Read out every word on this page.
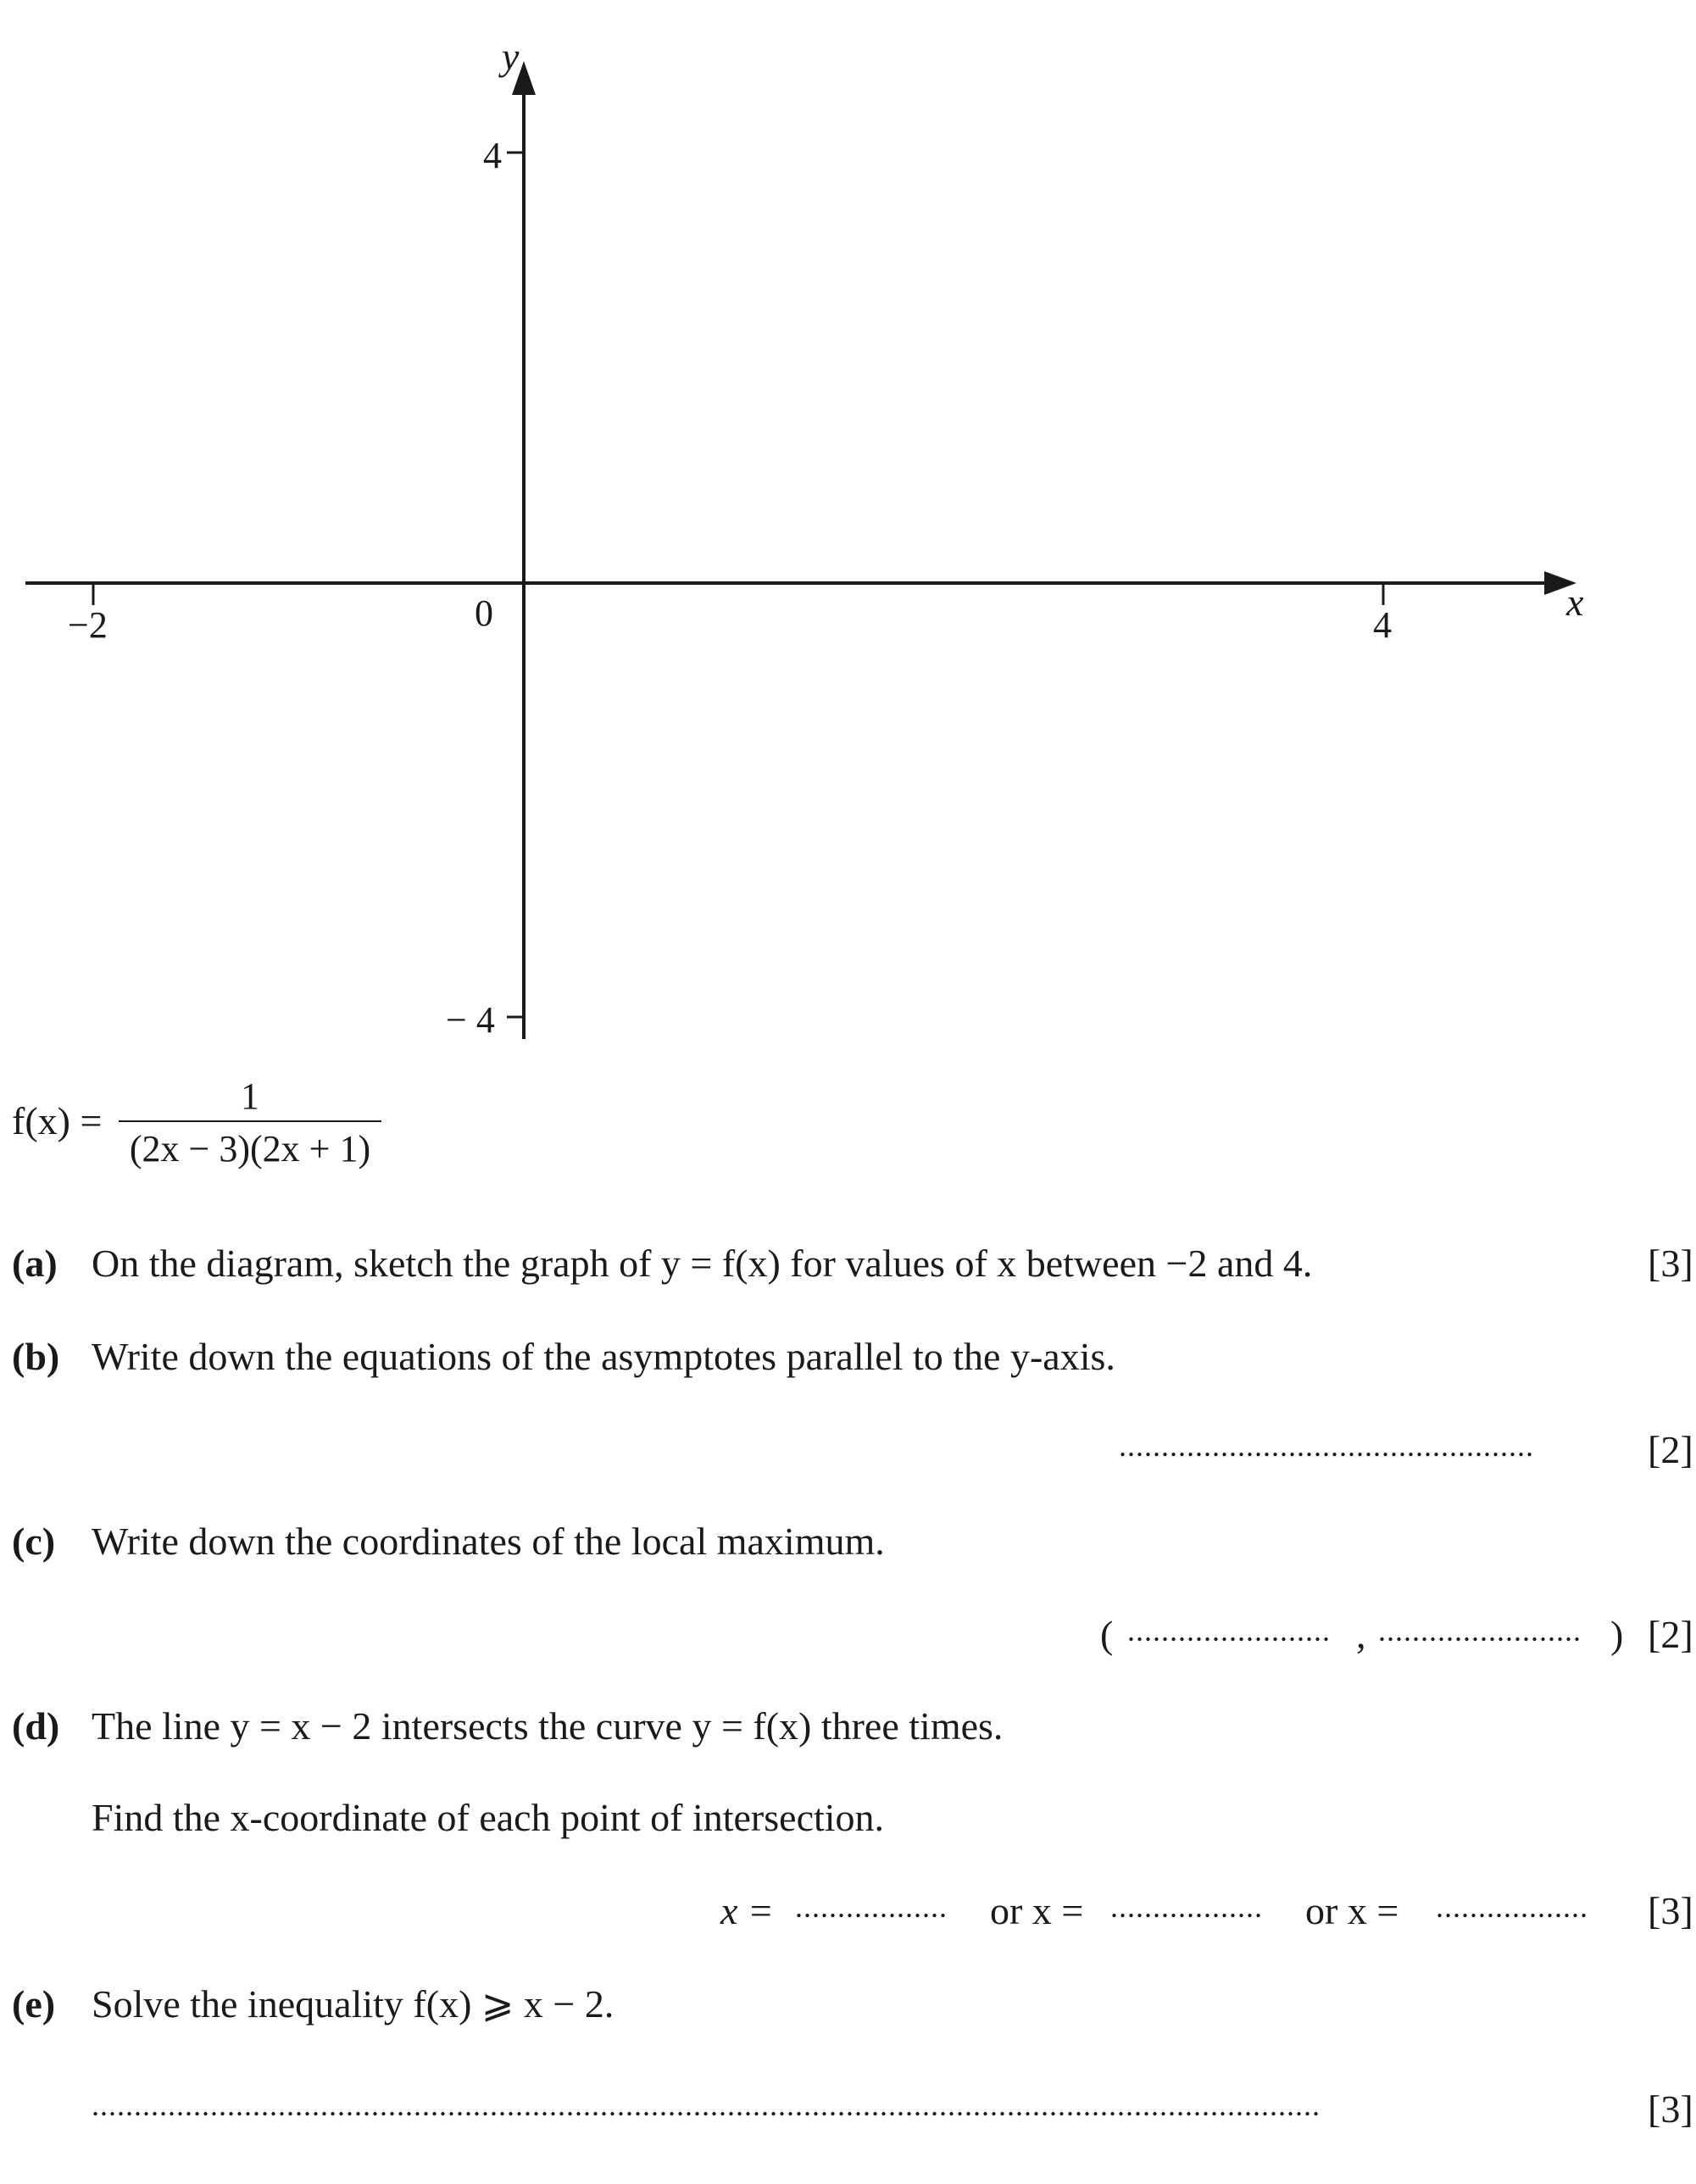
y
x
0
−2	4
4
− 4
f(x) =
1
(2x − 3)(2x + 1)
(a) On the diagram, sketch the graph of y = f(x) for values of x between −2 and 4.	[3]
(b) Write down the equations of the asymptotes parallel to the y-axis.
.................................................	[2]
(c) Write down the coordinates of the local maximum.
( ........................ , ........................ ) [2]
(d) The line y = x − 2 intersects the curve y = f(x) three times.
Find the x-coordinate of each point of intersection.
x = .................. or x = .................. or x = .................. [3]
(e) Solve the inequality f(x) ⩾ x − 2.
.................................................................................................................................................	[3]
